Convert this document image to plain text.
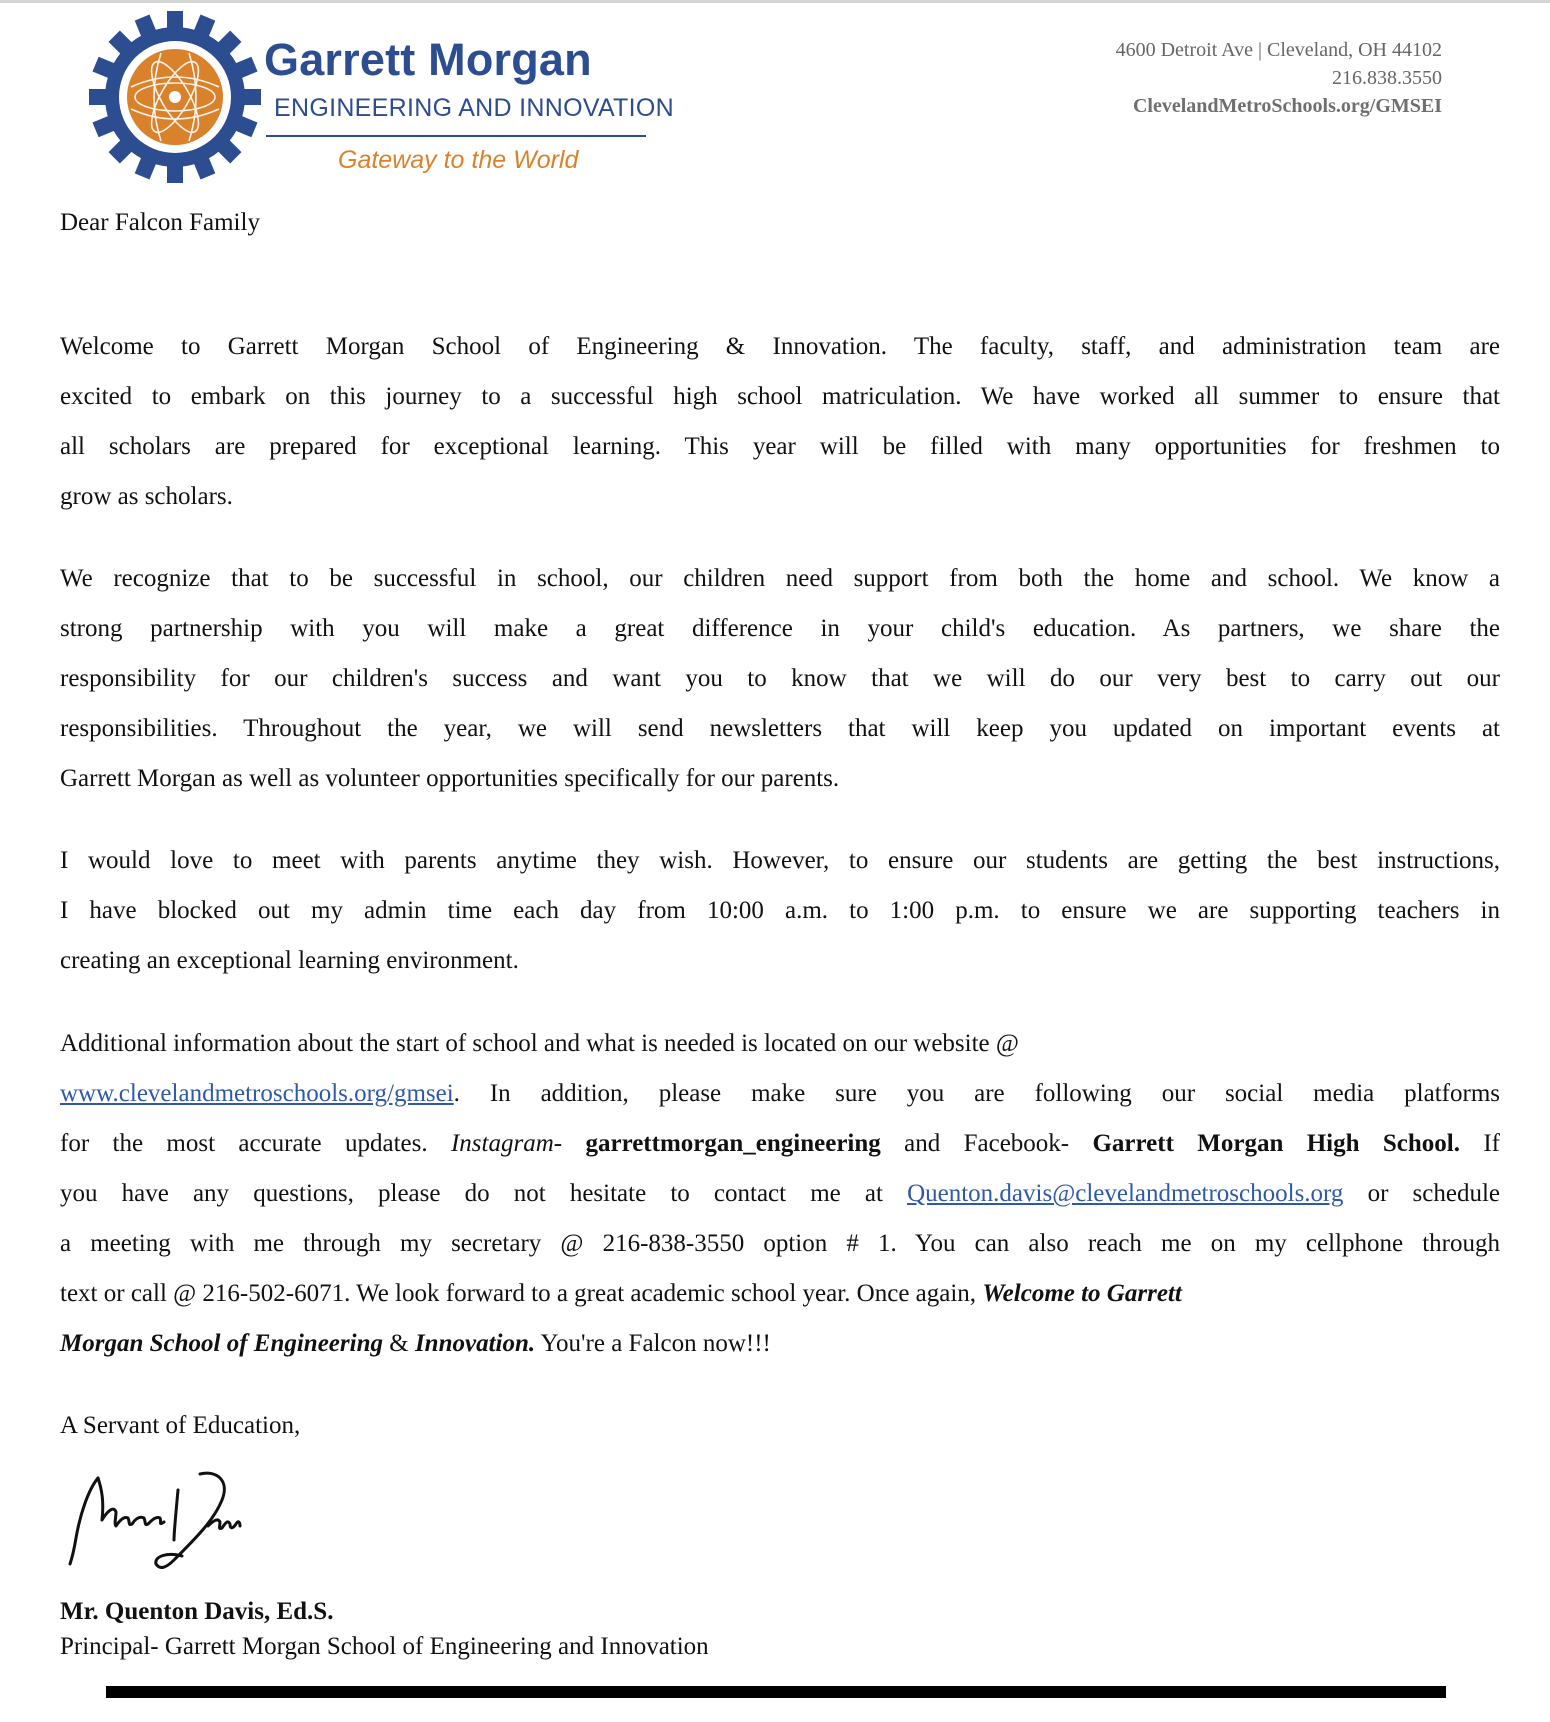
Garrett Morgan
ENGINEERING AND INNOVATION
Gateway to the World
4600 Detroit Ave | Cleveland, OH 44102
216.838.3550
ClevelandMetroSchools.org/GMSEI

Dear Falcon Family

Welcome to Garrett Morgan School of Engineering & Innovation. The faculty, staff, and administration team are
excited to embark on this journey to a successful high school matriculation. We have worked all summer to ensure that
all scholars are prepared for exceptional learning. This year will be filled with many opportunities for freshmen to
grow as scholars.

We recognize that to be successful in school, our children need support from both the home and school. We know a
strong partnership with you will make a great difference in your child's education. As partners, we share the
responsibility for our children's success and want you to know that we will do our very best to carry out our
responsibilities. Throughout the year, we will send newsletters that will keep you updated on important events at
Garrett Morgan as well as volunteer opportunities specifically for our parents.

I would love to meet with parents anytime they wish. However, to ensure our students are getting the best instructions,
I have blocked out my admin time each day from 10:00 a.m. to 1:00 p.m. to ensure we are supporting teachers in
creating an exceptional learning environment.

Additional information about the start of school and what is needed is located on our website @
www.clevelandmetroschools.org/gmsei. In addition, please make sure you are following our social media platforms
for the most accurate updates. Instagram- garrettmorgan_engineering and Facebook- Garrett Morgan High School. If
you have any questions, please do not hesitate to contact me at Quenton.davis@clevelandmetroschools.org or schedule
a meeting with me through my secretary @ 216-838-3550 option # 1. You can also reach me on my cellphone through
text or call @ 216-502-6071. We look forward to a great academic school year. Once again, Welcome to Garrett
Morgan School of Engineering & Innovation. You're a Falcon now!!!

A Servant of Education,

Mr. Quenton Davis, Ed.S.

Principal- Garrett Morgan School of Engineering and Innovation
